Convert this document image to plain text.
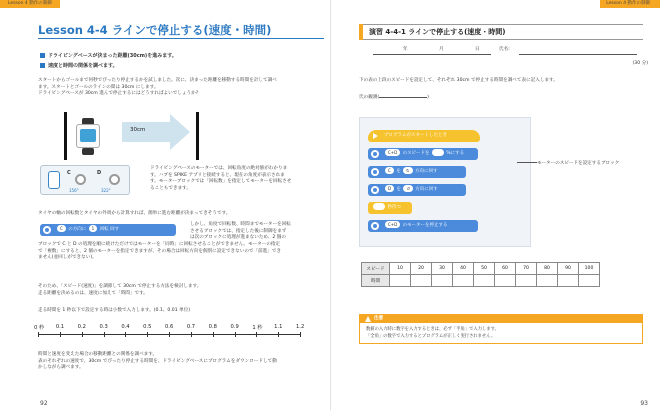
Lesson 4 動作の制御
Lesson 4-4 ラインで停止する(速度・時間)
ドライビングベースが決まった距離(30cm)を進みます。
速度と時間の関係を調べます。
スタートからゴールまで何秒でぴったり停止するかを試しました。次に、決まった距離を移動する時間を計して調べ
ます。スタートとゴールのラインの間は 30cm にします。
ドライビングベースが 30cm 進んで停止するにはどうすればよいでしょうか?
30cm
C
156°
D
322°
ドライビングベースのモーターでは、回転角度の絶対値がわかりま
す。ハブを SPIKE アプリと接続すると、現在の角度が表示されま
す。モーターブロックでは「回転数」を指定してモーターを回転させ
ることもできます。
タイヤの軸の回転数とタイヤの外周から計算すれば、簡単に進む距離が決まってきそうです。
C の方向に 1 回転 回す
しかし、角度で回転数、時間までモーターを回転
させるブロックでは、指定した後に制御をまず
は次のブロックに処理が進まないため、2 個の
ブロックで C と D の処理を順に続けただけではモーターを「同時」に回転させることができません。モーターの指定
で「複数」にすると、2 個のモーターを指定できますが、その場合は回転方向を個別に設定できないので「前進」でき
ません(並回しができない)。
そのため、「スピード(速度)」を調節して 30cm で停止する方法を検討します。
走る距離を決めるのは、速度に加えて「時間」です。
走る時間を 1 秒以下で設定する時は小数で入力します。(0.1、0.01 単位)
0 秒 0.1	0.2	0.3	0.4	0.5	0.6	0.7	0.8	0.9	1 秒 1.1	1.2
時間と速度を変えた場合の移動距離との関係を調べます。
表のそれぞれの速度で、30cm でぴったり停止する時間を、ドライビングベースにプログラムをダウンロードして動
かしながら調べます。
92
Lesson 4 動作の制御
演習 4-4-1 ラインで停止する(速度・時間)
年	月	日	氏名:
(30 分)
下の表の上段のスピードを設定して、それぞれ 30cm で停止する時間を調べて表に記入します。
氏の観測(	)
プログラムがスタートしたとき
C+D のスピードを	%にする
C を ↻ 方向に回す
D を ↺ 方向に回す
秒待つ
C+D のモーターを停止する
モーターのスピードを設定するブロック
スピード	10	20	30	40	50	60	70	80	90	100
時間										
注意
数値の入力時に数字を入力するときは、必ず「半角」で入力します。
「全角」の数字で入力するとプログラムが正しく実行されません。
93
